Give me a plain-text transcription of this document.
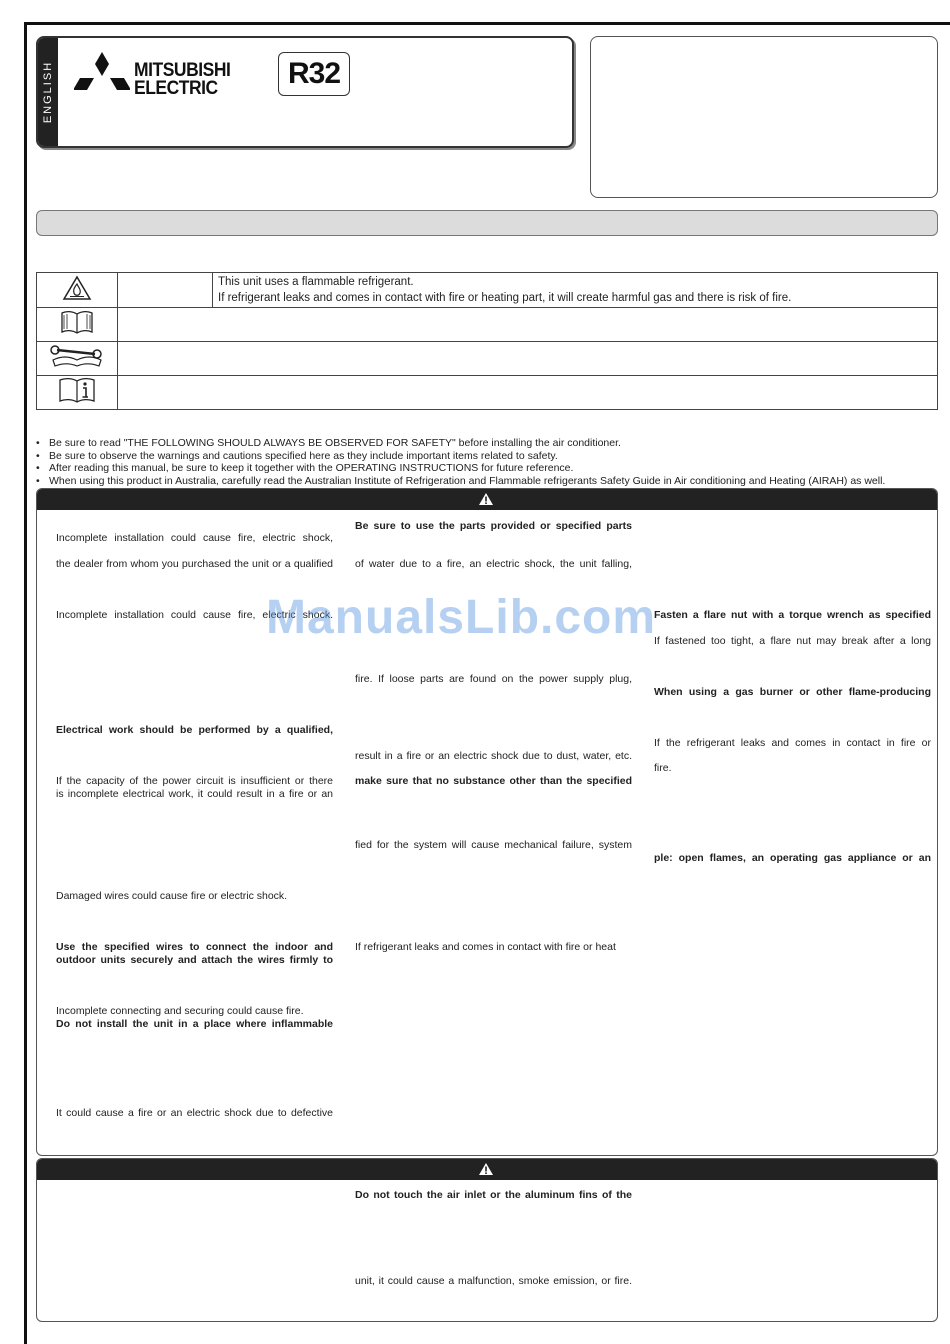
ENGLISH	MITSUBISHI
ELECTRIC	R32

This unit uses a flammable refrigerant.
If refrigerant leaks and comes in contact with fire or heating part, it will create harmful gas and there is risk of fire.

• Be sure to read "THE FOLLOWING SHOULD ALWAYS BE OBSERVED FOR SAFETY" before installing the air conditioner.
• Be sure to observe the warnings and cautions specified here as they include important items related to safety.
• After reading this manual, be sure to keep it together with the OPERATING INSTRUCTIONS for future reference.
• When using this product in Australia, carefully read the Australian Institute of Refrigeration and Flammable refrigerants Safety Guide in Air conditioning and Heating (AIRAH) as well.
Incomplete installation could cause fire, electric shock,
the dealer from whom you purchased the unit or a qualified
Incomplete installation could cause fire, electric shock.
Electrical work should be performed by a qualified,
If the capacity of the power circuit is insufficient or there
is incomplete electrical work, it could result in a fire or an
Damaged wires could cause fire or electric shock.
Use the specified wires to connect the indoor and
outdoor units securely and attach the wires firmly to
Incomplete connecting and securing could cause fire.
Do not install the unit in a place where inflammable
It could cause a fire or an electric shock due to defective
Be sure to use the parts provided or specified parts
of water due to a fire, an electric shock, the unit falling,
fire. If loose parts are found on the power supply plug,
result in a fire or an electric shock due to dust, water, etc.
make sure that no substance other than the specified
fied for the system will cause mechanical failure, system
If refrigerant leaks and comes in contact with fire or heat
Fasten a flare nut with a torque wrench as specified
If fastened too tight, a flare nut may break after a long
When using a gas burner or other flame-producing
If the refrigerant leaks and comes in contact in fire or
fire.
ple: open flames, an operating gas appliance or an
Do not touch the air inlet or the aluminum fins of the
unit, it could cause a malfunction, smoke emission, or fire.
ManualsLib.com
